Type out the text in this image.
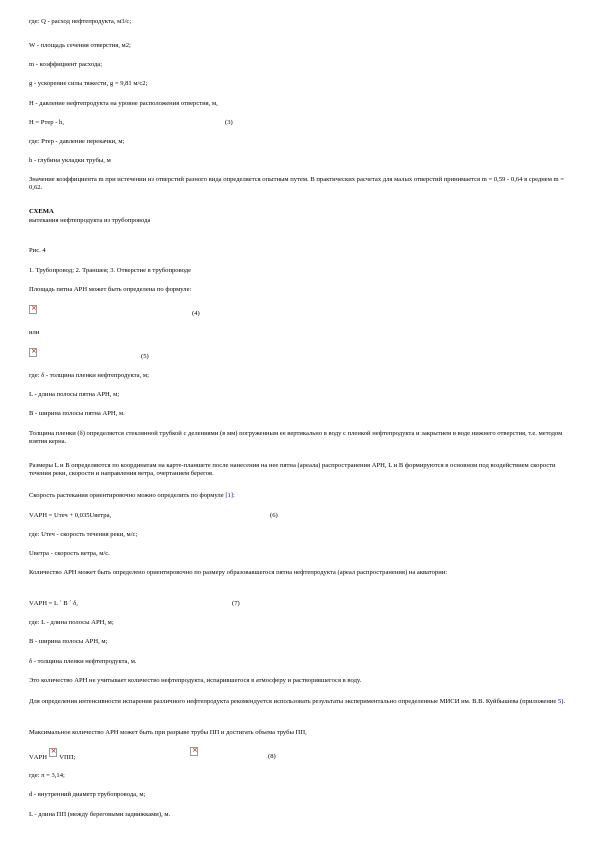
где: Q - расход нефтепродукта, м3/с;
W - площадь сечения отверстия, м2;
m - коэффициент расхода;
g - ускорение силы тяжести, g = 9,81 м/с2;
H - давление нефтепродукта на уровне расположения отверстия, м,
H = Pтер - h,	(3)
где: Pтер - давление перекачки, м;
h - глубина укладки трубы, м
Значение коэффициента m при истечении из отверстий разного вида определяется опытным путем. В практических расчетах для малых отверстий принимается m = 0,59 - 0,64 в среднем m = 0,62.
СХЕМА
вытекания нефтепродукта из трубопровода
Рис. 4
1. Трубопровод; 2. Траншея; 3. Отверстие в трубопроводе
Площадь пятна АРН может быть определена по формуле:
×
(4)
или
×
(5)
где: δ - толщина пленки нефтепродукта, м;
L - длина полосы пятна АРН, м;
B - ширина полосы пятна АРН, м.
Толщина пленки (δ) определяется стеклянной трубкой с делениями (в мм) погруженным ее вертикально в воду с пленкой нефтепродукта и закрытием в воде нижнего отверстия, т.е. методом взятия керна.
Размеры L и B определяются по координатам на карте-планшете после нанесения на нее пятна (ареала) распространения АРН, L и B формируются в основном под воздействием скорости течения реки, скорости и направления ветра, очертанием берегов.
Скорость растекания ориентировочно можно определить по формуле [1]:
VАРН = Uтеч + 0,035Uветра,	(6)
где: Uтеч - скорость течения реки, м/с;
Uветра - скорость ветра, м/с.
Количество АРН может быть определено ориентировочно по размеру образовавшегося пятна нефтепродукта (ареал распространения) на акватории:
VАРН = L ´ B ´ δ,	(7)
где: L - длина полосы АРН, м;
B - ширина полосы АРН, м;
δ - толщина пленки нефтепродукта, м.
Это количество АРН не учитывает количество нефтепродукта, испарившегося в атмосферу и растворившегося в воду.
Для определения интенсивности испарения различного нефтепродукта рекомендуется использовать результаты экспериментально определенные МИСИ им. В.В. Куйбышева (приложение 5).
Максимальное количество АРН может быть при разрыве трубы ПП и достигать объема трубы ПП,
VАРН
× VПП;
×	(8)
где: π = 3,14;
d - внутренний диаметр трубопровода, м;
L - длина ПП (между береговыми задвижками), м.
